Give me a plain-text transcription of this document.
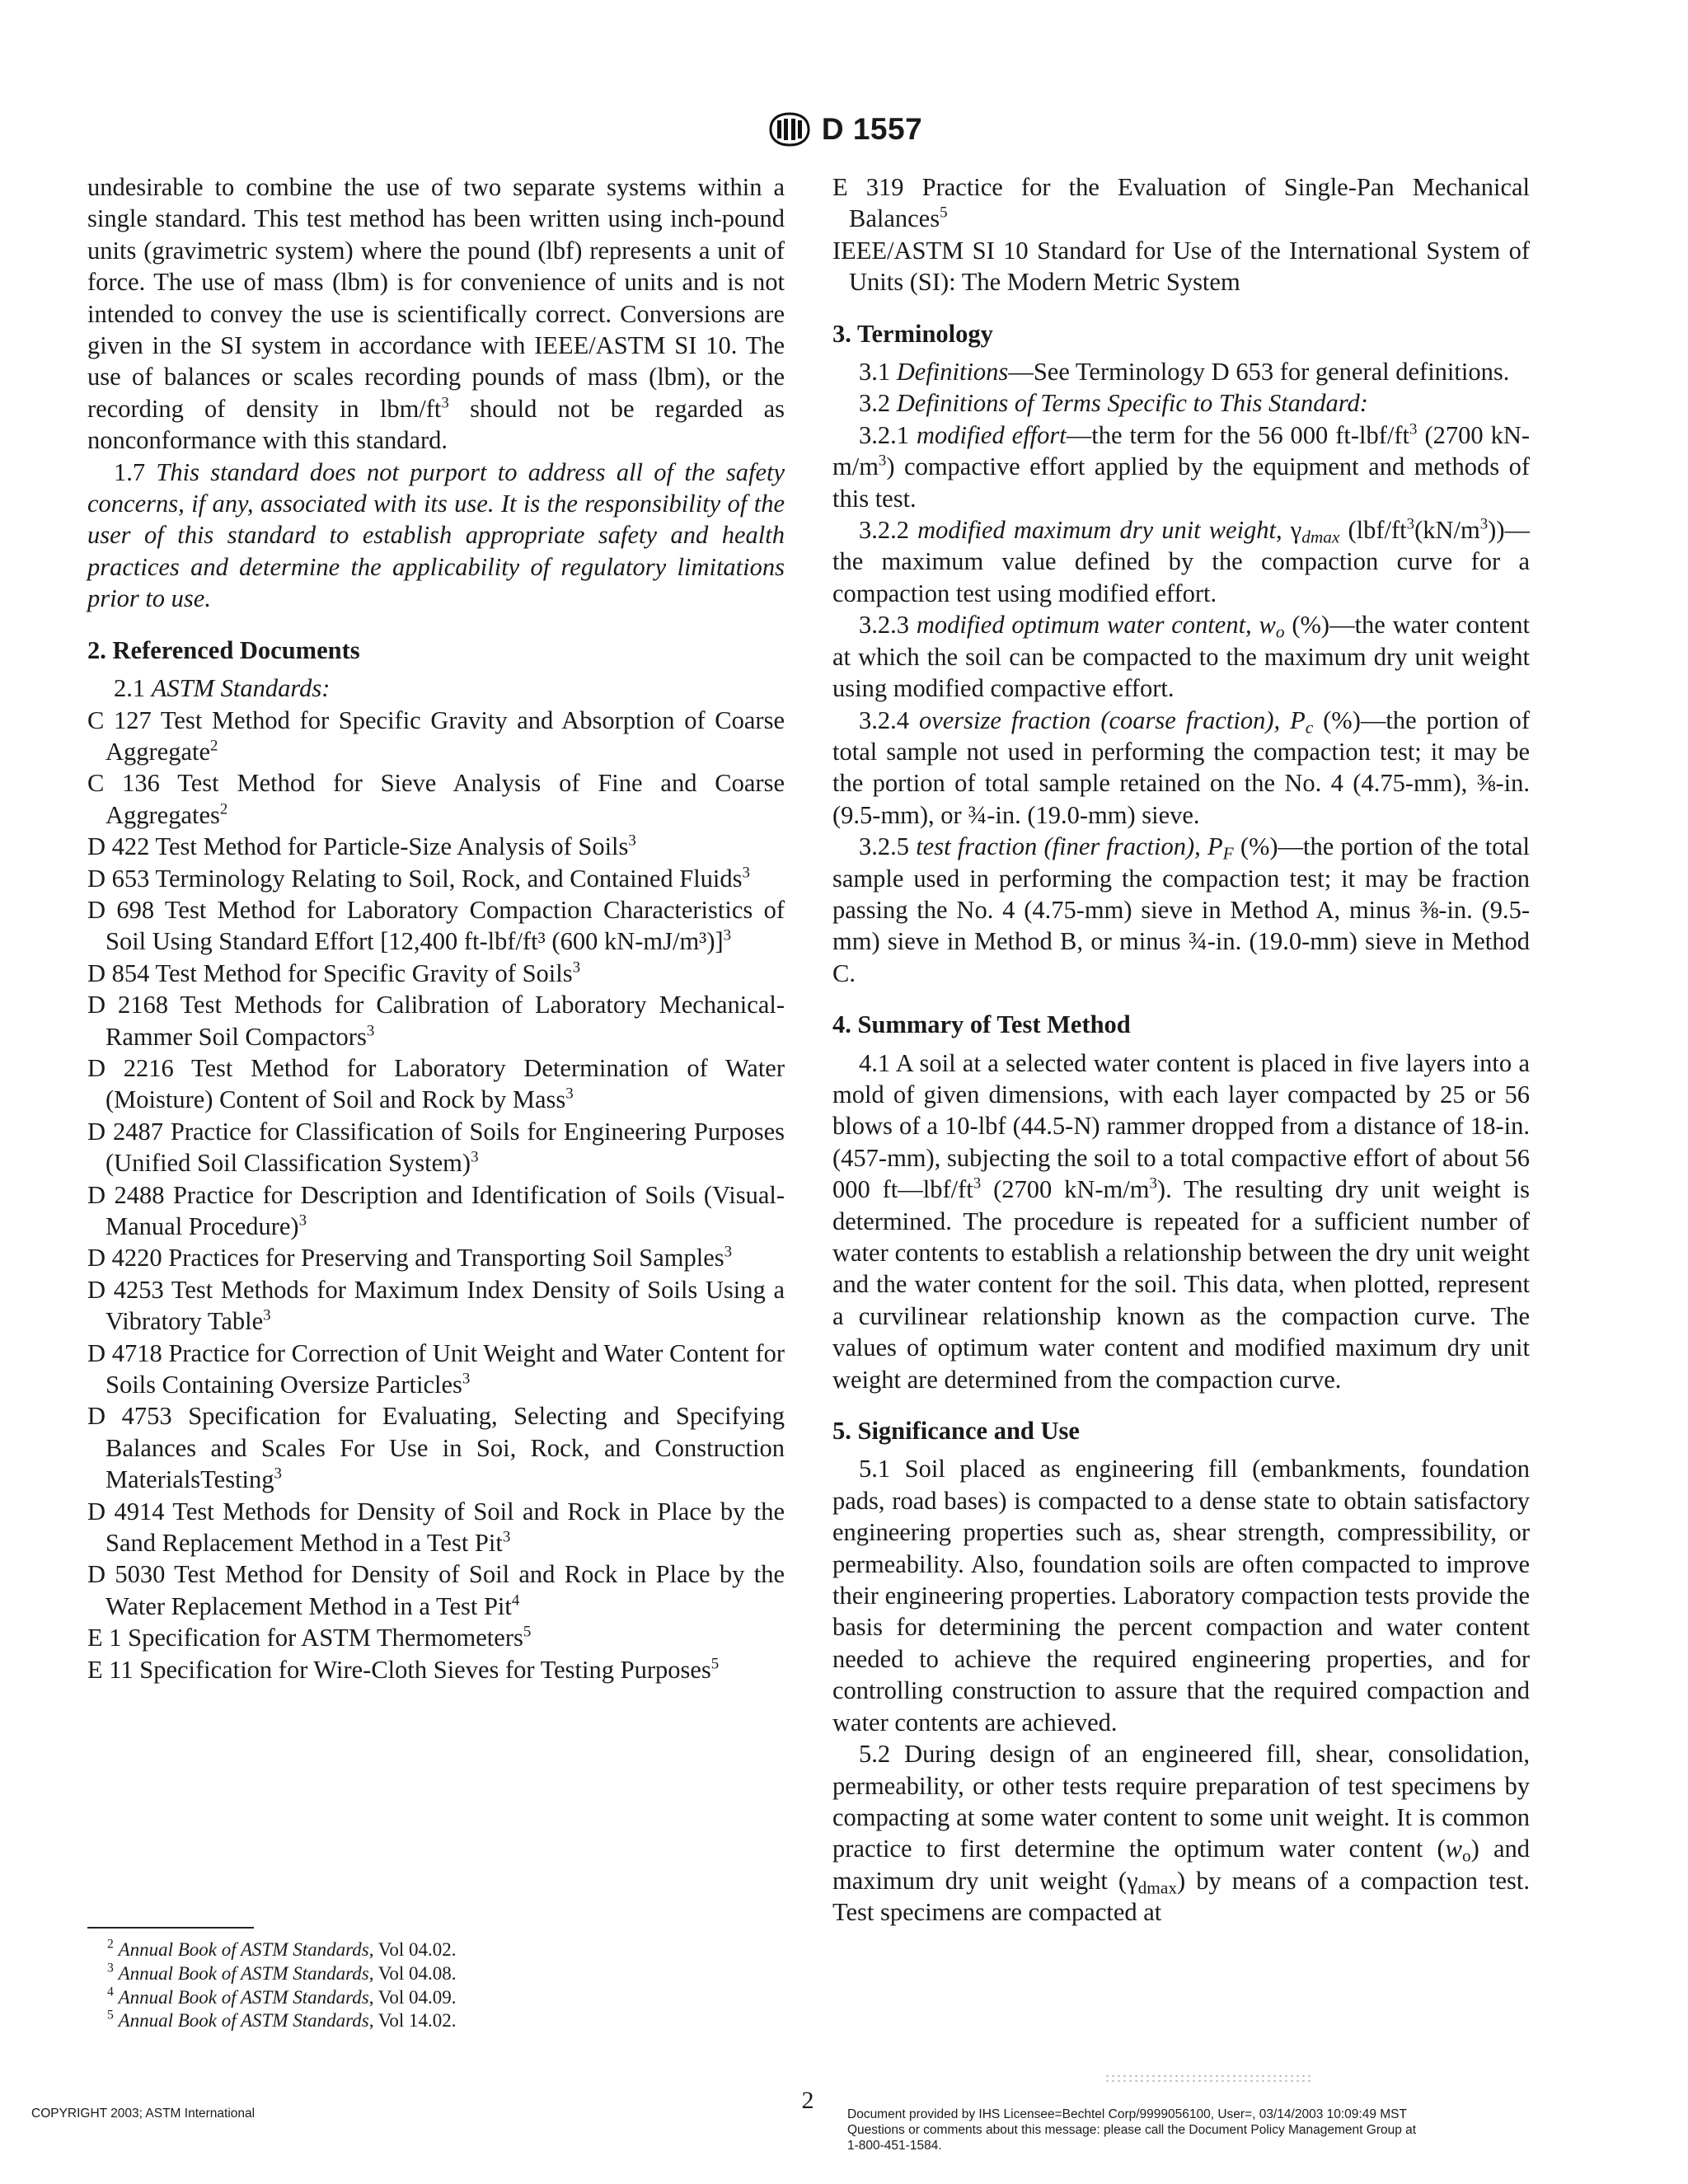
D 1557

undesirable to combine the use of two separate systems within a single standard. This test method has been written using inch-pound units (gravimetric system) where the pound (lbf) represents a unit of force. The use of mass (lbm) is for convenience of units and is not intended to convey the use is scientifically correct. Conversions are given in the SI system in accordance with IEEE/ASTM SI 10. The use of balances or scales recording pounds of mass (lbm), or the recording of density in lbm/$ft^3$ should not be regarded as nonconformance with this standard.

1.7 This standard does not purport to address all of the safety concerns, if any, associated with its use. It is the responsibility of the user of this standard to establish appropriate safety and health practices and determine the applicability of regulatory limitations prior to use.

2. Referenced Documents

2.1 ASTM Standards:

C 127 Test Method for Specific Gravity and Absorption of Coarse Aggregate$^2$

C 136 Test Method for Sieve Analysis of Fine and Coarse Aggregates$^2$

D 422 Test Method for Particle-Size Analysis of Soils$^3$

D 653 Terminology Relating to Soil, Rock, and Contained Fluids$^3$

D 698 Test Method for Laboratory Compaction Characteristics of Soil Using Standard Effort [12,400 ft-lbf/ft³ (600 kN-mJ/m³)]$^3$

D 854 Test Method for Specific Gravity of Soils$^3$

D 2168 Test Methods for Calibration of Laboratory Mechanical-Rammer Soil Compactors$^3$

D 2216 Test Method for Laboratory Determination of Water (Moisture) Content of Soil and Rock by Mass$^3$

D 2487 Practice for Classification of Soils for Engineering Purposes (Unified Soil Classification System)$^3$

D 2488 Practice for Description and Identification of Soils (Visual-Manual Procedure)$^3$

D 4220 Practices for Preserving and Transporting Soil Samples$^3$

D 4253 Test Methods for Maximum Index Density of Soils Using a Vibratory Table$^3$

D 4718 Practice for Correction of Unit Weight and Water Content for Soils Containing Oversize Particles$^3$

D 4753 Specification for Evaluating, Selecting and Specifying Balances and Scales For Use in Soi, Rock, and Construction MaterialsTesting$^3$

D 4914 Test Methods for Density of Soil and Rock in Place by the Sand Replacement Method in a Test Pit$^3$

D 5030 Test Method for Density of Soil and Rock in Place by the Water Replacement Method in a Test Pit$^4$

E 1 Specification for ASTM Thermometers$^5$

E 11 Specification for Wire-Cloth Sieves for Testing Purposes$^5$

E 319 Practice for the Evaluation of Single-Pan Mechanical Balances$^5$

IEEE/ASTM SI 10 Standard for Use of the International System of Units (SI): The Modern Metric System

3. Terminology

3.1 Definitions—See Terminology D 653 for general definitions.

3.2 Definitions of Terms Specific to This Standard:

3.2.1 modified effort—the term for the 56 000 $ft-lbf/ft^3$ (2700 $kN-m/m^3$) compactive effort applied by the equipment and methods of this test.

3.2.2 modified maximum dry unit weight, $\gamma_{dmax}$ $(lbf/ft^3(kN/m^3))—the$ maximum value defined by the compaction curve for a compaction test using modified effort.

3.2.3 modified optimum water content, $w_o$ (%)—the water content at which the soil can be compacted to the maximum dry unit weight using modified compactive effort.

3.2.4 oversize fraction (coarse fraction), $P_c$ (%)—the portion of total sample not used in performing the compaction test; it may be the portion of total sample retained on the No. 4 (4.75-mm), ⅜-in. (9.5-mm), or ¾-in. (19.0-mm) sieve.

3.2.5 test fraction (finer fraction), $P_F$ (%)—the portion of the total sample used in performing the compaction test; it may be fraction passing the No. 4 (4.75-mm) sieve in Method A, minus ⅜-in. (9.5-mm) sieve in Method B, or minus ¾-in. (19.0-mm) sieve in Method C.

4. Summary of Test Method

4.1 A soil at a selected water content is placed in five layers into a mold of given dimensions, with each layer compacted by 25 or 56 blows of a 10-lbf (44.5-N) rammer dropped from a distance of 18-in. (457-mm), subjecting the soil to a total compactive effort of about 56 000 $ft—lbf/ft^3$ (2700 $kN-m/m^3$). The resulting dry unit weight is determined. The procedure is repeated for a sufficient number of water contents to establish a relationship between the dry unit weight and the water content for the soil. This data, when plotted, represent a curvilinear relationship known as the compaction curve. The values of optimum water content and modified maximum dry unit weight are determined from the compaction curve.

5. Significance and Use

5.1 Soil placed as engineering fill (embankments, foundation pads, road bases) is compacted to a dense state to obtain satisfactory engineering properties such as, shear strength, compressibility, or permeability. Also, foundation soils are often compacted to improve their engineering properties. Laboratory compaction tests provide the basis for determining the percent compaction and water content needed to achieve the required engineering properties, and for controlling construction to assure that the required compaction and water contents are achieved.

5.2 During design of an engineered fill, shear, consolidation, permeability, or other tests require preparation of test specimens by compacting at some water content to some unit weight. It is common practice to first determine the optimum water content $(w_o)$ and maximum dry unit weight $(\gamma_{dmax})$ by means of a compaction test. Test specimens are compacted at

$^2$ Annual Book of ASTM Standards, Vol 04.02.

$^3$ Annual Book of ASTM Standards, Vol 04.08.

$^4$ Annual Book of ASTM Standards, Vol 04.09.

$^5$ Annual Book of ASTM Standards, Vol 14.02.

2
COPYRIGHT 2003; ASTM International	Document provided by IHS Licensee=Bechtel Corp/9999056100, User=, 03/14/2003 10:09:49 MST Questions or comments about this message: please call the Document Policy Management Group at 1-800-451-1584.
